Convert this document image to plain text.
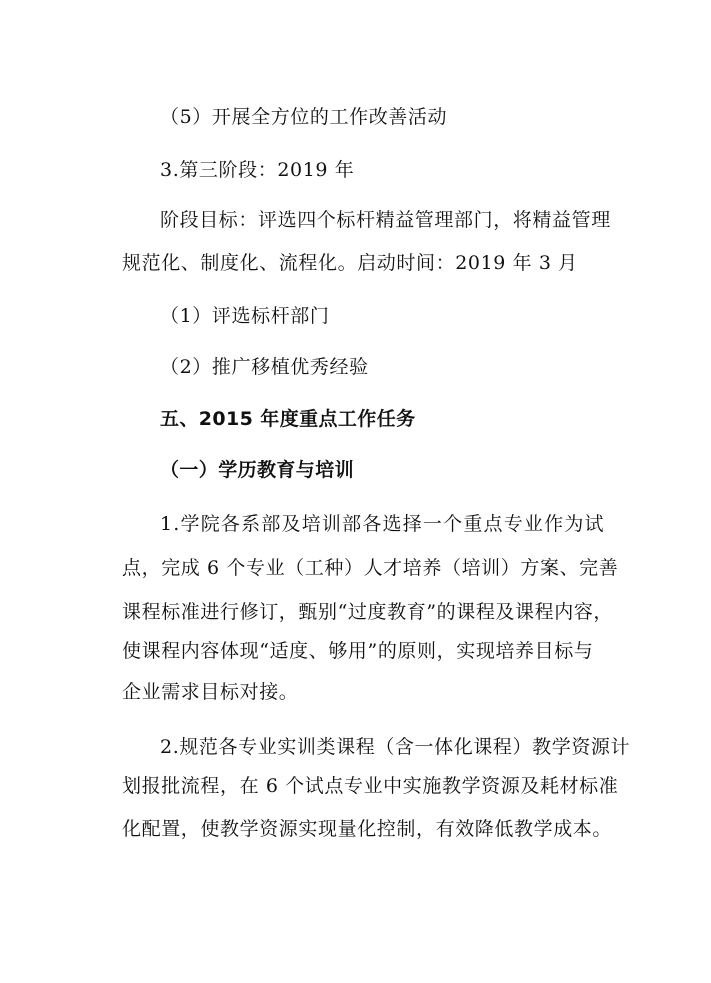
（5）开展全方位的工作改善活动
3.第三阶段：2019 年
阶段目标：评选四个标杆精益管理部门，将精益管理
规范化、制度化、流程化。启动时间：2019 年 3 月
（1）评选标杆部门
（2）推广移植优秀经验
五、2015 年度重点工作任务
（一）学历教育与培训
1.学院各系部及培训部各选择一个重点专业作为试
点，完成 6 个专业（工种）人才培养（培训）方案、完善
课程标准进行修订，甄别“过度教育”的课程及课程内容，
使课程内容体现“适度、够用”的原则，实现培养目标与
企业需求目标对接。
2.规范各专业实训类课程（含一体化课程）教学资源计
划报批流程，在 6 个试点专业中实施教学资源及耗材标准
化配置，使教学资源实现量化控制，有效降低教学成本。
